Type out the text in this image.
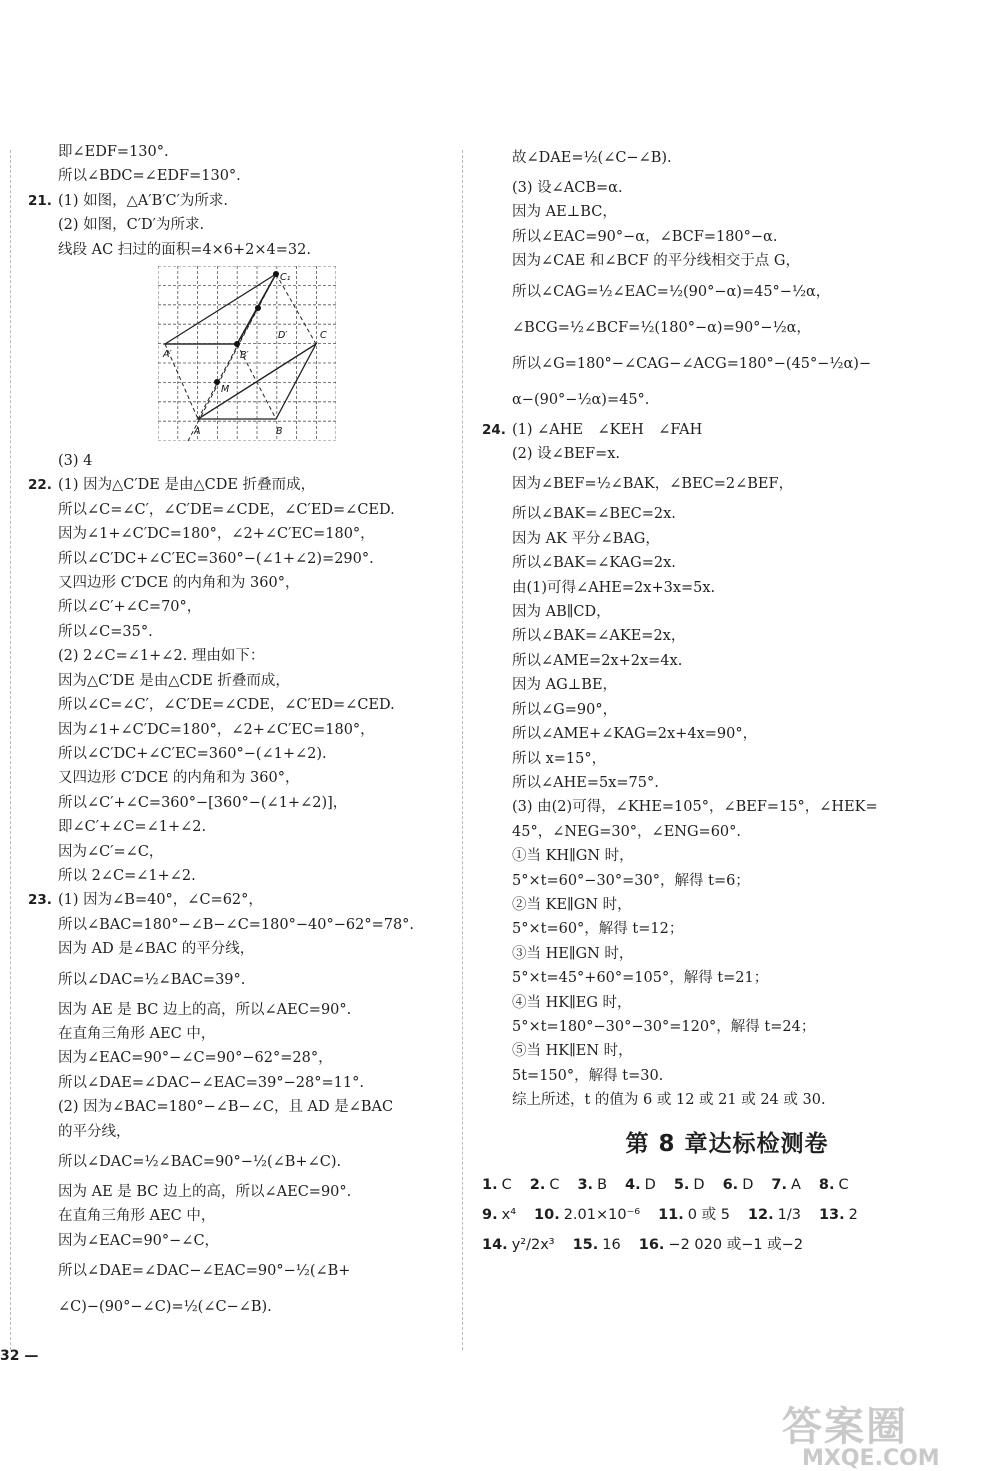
即∠EDF=130°.
所以∠BDC=∠EDF=130°.
21. (1) 如图，△A′B′C′为所求.
(2) 如图，C′D′为所求.
线段 AC 扫过的面积=4×6+2×4=32.
C₁
A′	B′
D′	C
M
A	B
(3) 4
22. (1) 因为△C′DE 是由△CDE 折叠而成，
所以∠C=∠C′，∠C′DE=∠CDE，∠C′ED=∠CED.
因为∠1+∠C′DC=180°，∠2+∠C′EC=180°，
所以∠C′DC+∠C′EC=360°−(∠1+∠2)=290°.
又四边形 C′DCE 的内角和为 360°，
所以∠C′+∠C=70°，
所以∠C=35°.
(2) 2∠C=∠1+∠2. 理由如下：
因为△C′DE 是由△CDE 折叠而成，
所以∠C=∠C′，∠C′DE=∠CDE，∠C′ED=∠CED.
因为∠1+∠C′DC=180°，∠2+∠C′EC=180°，
所以∠C′DC+∠C′EC=360°−(∠1+∠2).
又四边形 C′DCE 的内角和为 360°，
所以∠C′+∠C=360°−[360°−(∠1+∠2)]，
即∠C′+∠C=∠1+∠2.
因为∠C′=∠C，
所以 2∠C=∠1+∠2.
23. (1) 因为∠B=40°，∠C=62°，
所以∠BAC=180°−∠B−∠C=180°−40°−62°=78°.
因为 AD 是∠BAC 的平分线，
所以∠DAC=½∠BAC=39°.
因为 AE 是 BC 边上的高，所以∠AEC=90°.
在直角三角形 AEC 中，
因为∠EAC=90°−∠C=90°−62°=28°，
所以∠DAE=∠DAC−∠EAC=39°−28°=11°.
(2) 因为∠BAC=180°−∠B−∠C，且 AD 是∠BAC
的平分线，
所以∠DAC=½∠BAC=90°−½(∠B+∠C).
因为 AE 是 BC 边上的高，所以∠AEC=90°.
在直角三角形 AEC 中，
因为∠EAC=90°−∠C，
所以∠DAE=∠DAC−∠EAC=90°−½(∠B+
∠C)−(90°−∠C)=½(∠C−∠B).
故∠DAE=½(∠C−∠B).
(3) 设∠ACB=α.
因为 AE⊥BC，
所以∠EAC=90°−α，∠BCF=180°−α.
因为∠CAE 和∠BCF 的平分线相交于点 G，
所以∠CAG=½∠EAC=½(90°−α)=45°−½α，
∠BCG=½∠BCF=½(180°−α)=90°−½α，
所以∠G=180°−∠CAG−∠ACG=180°−(45°−½α)−
α−(90°−½α)=45°.
24. (1) ∠AHE　∠KEH　∠FAH
(2) 设∠BEF=x.
因为∠BEF=½∠BAK，∠BEC=2∠BEF，
所以∠BAK=∠BEC=2x.
因为 AK 平分∠BAG，
所以∠BAK=∠KAG=2x.
由(1)可得∠AHE=2x+3x=5x.
因为 AB∥CD，
所以∠BAK=∠AKE=2x，
所以∠AME=2x+2x=4x.
因为 AG⊥BE，
所以∠G=90°，
所以∠AME+∠KAG=2x+4x=90°，
所以 x=15°，
所以∠AHE=5x=75°.
(3) 由(2)可得，∠KHE=105°，∠BEF=15°，∠HEK=
45°，∠NEG=30°，∠ENG=60°.
①当 KH∥GN 时，
5°×t=60°−30°=30°，解得 t=6；
②当 KE∥GN 时，
5°×t=60°，解得 t=12；
③当 HE∥GN 时，
5°×t=45°+60°=105°，解得 t=21；
④当 HK∥EG 时，
5°×t=180°−30°−30°=120°，解得 t=24；
⑤当 HK∥EN 时，
5t=150°，解得 t=30.
综上所述，t 的值为 6 或 12 或 21 或 24 或 30.
第 8 章达标检测卷
1. C 2. C 3. B 4. D 5. D 6. D 7. A 8. C
9. x⁴ 10. 2.01×10⁻⁶ 11. 0 或 5 12. 1/3 13. 2
14. y²/2x³ 15. 16 16. −2 020 或−1 或−2
32 —
答案圈
MXQE.COM
